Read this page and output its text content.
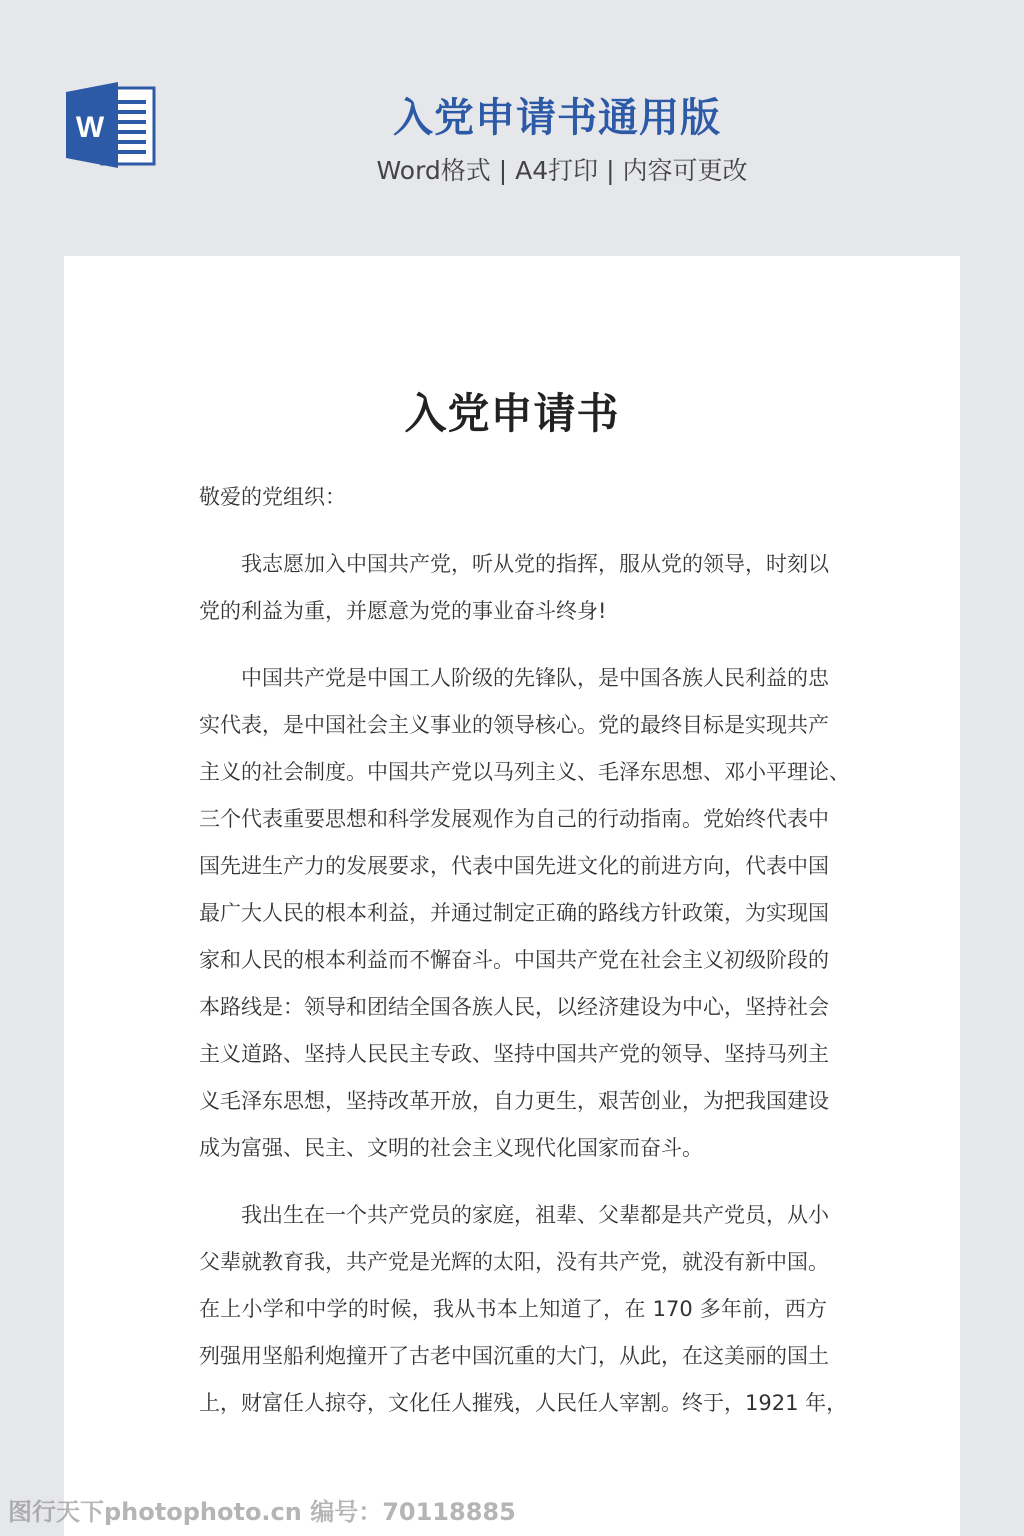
W	入党申请书通用版
Word格式 | A4打印 | 内容可更改
入党申请书
敬爱的党组织：
我志愿加入中国共产党，听从党的指挥，服从党的领导，时刻以
党的利益为重，并愿意为党的事业奋斗终身!
中国共产党是中国工人阶级的先锋队，是中国各族人民利益的忠
实代表，是中国社会主义事业的领导核心。党的最终目标是实现共产
主义的社会制度。中国共产党以马列主义、毛泽东思想、邓小平理论、
三个代表重要思想和科学发展观作为自己的行动指南。党始终代表中
国先进生产力的发展要求，代表中国先进文化的前进方向，代表中国
最广大人民的根本利益，并通过制定正确的路线方针政策，为实现国
家和人民的根本利益而不懈奋斗。中国共产党在社会主义初级阶段的
本路线是：领导和团结全国各族人民，以经济建设为中心，坚持社会
主义道路、坚持人民民主专政、坚持中国共产党的领导、坚持马列主
义毛泽东思想，坚持改革开放，自力更生，艰苦创业，为把我国建设
成为富强、民主、文明的社会主义现代化国家而奋斗。
我出生在一个共产党员的家庭，祖辈、父辈都是共产党员，从小
父辈就教育我，共产党是光辉的太阳，没有共产党，就没有新中国。
在上小学和中学的时候，我从书本上知道了，在 170 多年前，西方
列强用坚船利炮撞开了古老中国沉重的大门，从此，在这美丽的国土
上，财富任人掠夺，文化任人摧残，人民任人宰割。终于，1921 年，
图行天下photophoto.cn 编号：70118885
